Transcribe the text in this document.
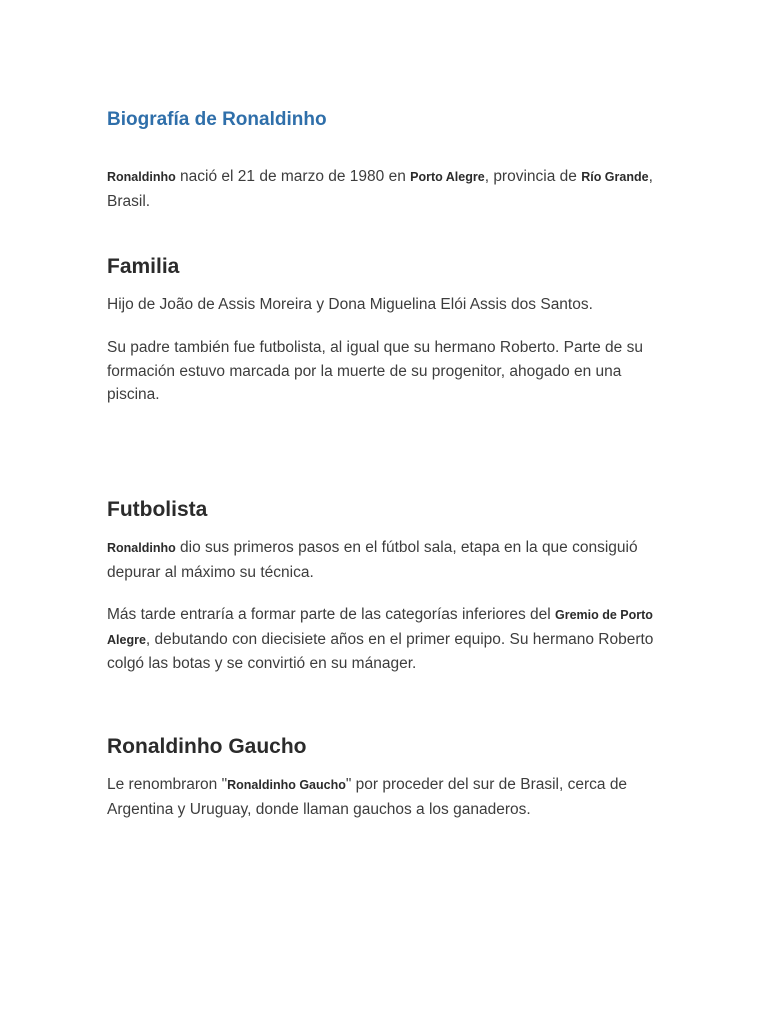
Biografía de Ronaldinho

Ronaldinho nació el 21 de marzo de 1980 en Porto Alegre, provincia de Río Grande, Brasil.

Familia

Hijo de João de Assis Moreira y Dona Miguelina Elói Assis dos Santos.

Su padre también fue futbolista, al igual que su hermano Roberto. Parte de su formación estuvo marcada por la muerte de su progenitor, ahogado en una piscina.

Futbolista

Ronaldinho dio sus primeros pasos en el fútbol sala, etapa en la que consiguió depurar al máximo su técnica.

Más tarde entraría a formar parte de las categorías inferiores del Gremio de Porto Alegre, debutando con diecisiete años en el primer equipo. Su hermano Roberto colgó las botas y se convirtió en su mánager.

Ronaldinho Gaucho

Le renombraron "Ronaldinho Gaucho" por proceder del sur de Brasil, cerca de Argentina y Uruguay, donde llaman gauchos a los ganaderos.
